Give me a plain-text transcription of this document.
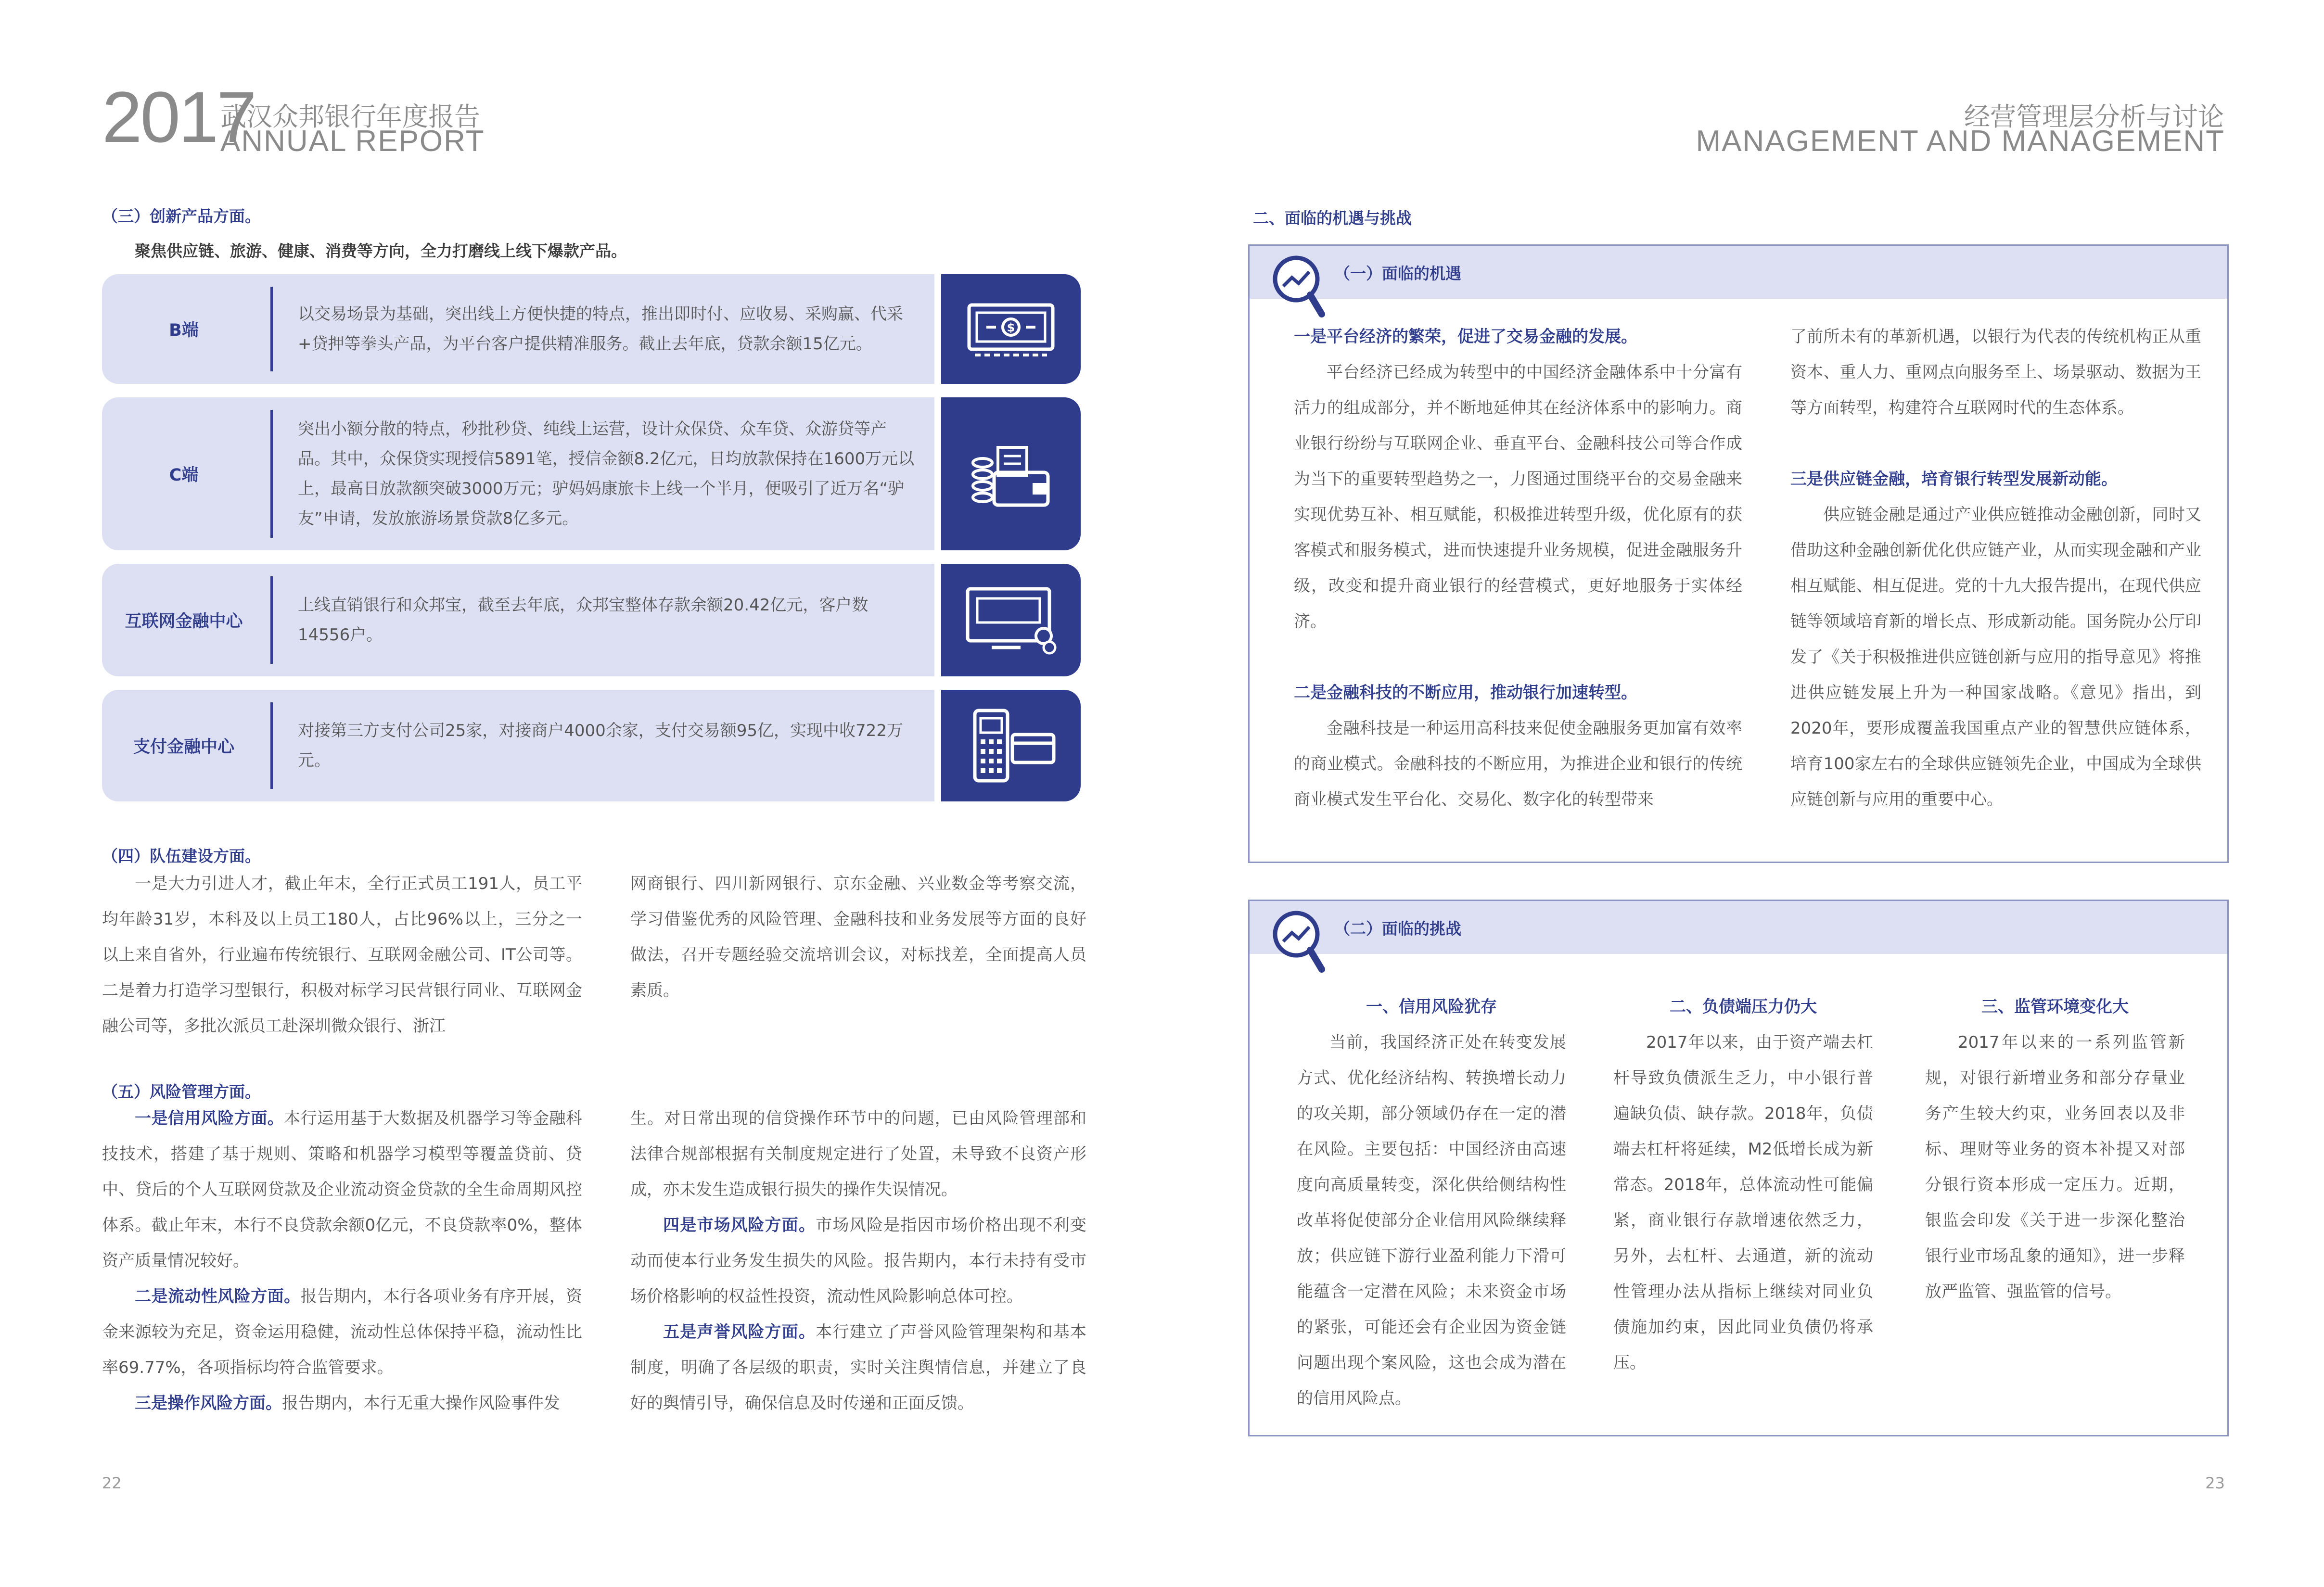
2017
武汉众邦银行年度报告
ANNUAL REPORT
经营管理层分析与讨论
MANAGEMENT AND MANAGEMENT
（三）创新产品方面。
聚焦供应链、旅游、健康、消费等方向，全力打磨线上线下爆款产品。
B端
以交易场景为基础，突出线上方便快捷的特点，推出即时付、应收易、采购赢、代采+贷押等拳头产品，为平台客户提供精准服务。截止去年底，贷款余额15亿元。
$
C端
突出小额分散的特点，秒批秒贷、纯线上运营，设计众保贷、众车贷、众游贷等产品。其中，众保贷实现授信5891笔，授信金额8.2亿元，日均放款保持在1600万元以上，最高日放款额突破3000万元；驴妈妈康旅卡上线一个半月，便吸引了近万名“驴友”申请，发放旅游场景贷款8亿多元。
互联网金融中心
上线直销银行和众邦宝，截至去年底，众邦宝整体存款余额20.42亿元，客户数14556户。
支付金融中心
对接第三方支付公司25家，对接商户4000余家，支付交易额95亿，实现中收722万元。
（四）队伍建设方面。
一是大力引进人才，截止年末，全行正式员工191人，员工平均年龄31岁，本科及以上员工180人，占比96%以上，三分之一以上来自省外，行业遍布传统银行、互联网金融公司、IT公司等。二是着力打造学习型银行，积极对标学习民营银行同业、互联网金融公司等，多批次派员工赴深圳微众银行、浙江
网商银行、四川新网银行、京东金融、兴业数金等考察交流，学习借鉴优秀的风险管理、金融科技和业务发展等方面的良好做法，召开专题经验交流培训会议，对标找差，全面提高人员素质。
（五）风险管理方面。
一是信用风险方面。本行运用基于大数据及机器学习等金融科技技术，搭建了基于规则、策略和机器学习模型等覆盖贷前、贷中、贷后的个人互联网贷款及企业流动资金贷款的全生命周期风控体系。截止年末，本行不良贷款余额0亿元，不良贷款率0%，整体资产质量情况较好。
二是流动性风险方面。报告期内，本行各项业务有序开展，资金来源较为充足，资金运用稳健，流动性总体保持平稳，流动性比率69.77%，各项指标均符合监管要求。
三是操作风险方面。报告期内，本行无重大操作风险事件发
生。对日常出现的信贷操作环节中的问题，已由风险管理部和法律合规部根据有关制度规定进行了处置，未导致不良资产形成，亦未发生造成银行损失的操作失误情况。
四是市场风险方面。市场风险是指因市场价格出现不利变动而使本行业务发生损失的风险。报告期内，本行未持有受市场价格影响的权益性投资，流动性风险影响总体可控。
五是声誉风险方面。本行建立了声誉风险管理架构和基本制度，明确了各层级的职责，实时关注舆情信息，并建立了良好的舆情引导，确保信息及时传递和正面反馈。
22
二、面临的机遇与挑战
（一）面临的机遇
一是平台经济的繁荣，促进了交易金融的发展。
平台经济已经成为转型中的中国经济金融体系中十分富有活力的组成部分，并不断地延伸其在经济体系中的影响力。商业银行纷纷与互联网企业、垂直平台、金融科技公司等合作成为当下的重要转型趋势之一，力图通过围绕平台的交易金融来实现优势互补、相互赋能，积极推进转型升级，优化原有的获客模式和服务模式，进而快速提升业务规模，促进金融服务升级，改变和提升商业银行的经营模式，更好地服务于实体经济。
二是金融科技的不断应用，推动银行加速转型。
金融科技是一种运用高科技来促使金融服务更加富有效率的商业模式。金融科技的不断应用，为推进企业和银行的传统商业模式发生平台化、交易化、数字化的转型带来
了前所未有的革新机遇，以银行为代表的传统机构正从重资本、重人力、重网点向服务至上、场景驱动、数据为王等方面转型，构建符合互联网时代的生态体系。
三是供应链金融，培育银行转型发展新动能。
供应链金融是通过产业供应链推动金融创新，同时又借助这种金融创新优化供应链产业，从而实现金融和产业相互赋能、相互促进。党的十九大报告提出，在现代供应链等领域培育新的增长点、形成新动能。国务院办公厅印发了《关于积极推进供应链创新与应用的指导意见》将推进供应链发展上升为一种国家战略。《意见》指出，到2020年，要形成覆盖我国重点产业的智慧供应链体系，培育100家左右的全球供应链领先企业，中国成为全球供应链创新与应用的重要中心。
（二）面临的挑战
一、信用风险犹存
当前，我国经济正处在转变发展方式、优化经济结构、转换增长动力的攻关期，部分领域仍存在一定的潜在风险。主要包括：中国经济由高速度向高质量转变，深化供给侧结构性改革将促使部分企业信用风险继续释放；供应链下游行业盈利能力下滑可能蕴含一定潜在风险；未来资金市场的紧张，可能还会有企业因为资金链问题出现个案风险，这也会成为潜在的信用风险点。
二、负债端压力仍大
2017年以来，由于资产端去杠杆导致负债派生乏力，中小银行普遍缺负债、缺存款。2018年，负债端去杠杆将延续，M2低增长成为新常态。2018年，总体流动性可能偏紧，商业银行存款增速依然乏力，另外，去杠杆、去通道，新的流动性管理办法从指标上继续对同业负债施加约束，因此同业负债仍将承压。
三、监管环境变化大
2017年以来的一系列监管新规，对银行新增业务和部分存量业务产生较大约束，业务回表以及非标、理财等业务的资本补提又对部分银行资本形成一定压力。近期，银监会印发《关于进一步深化整治银行业市场乱象的通知》，进一步释放严监管、强监管的信号。
23
